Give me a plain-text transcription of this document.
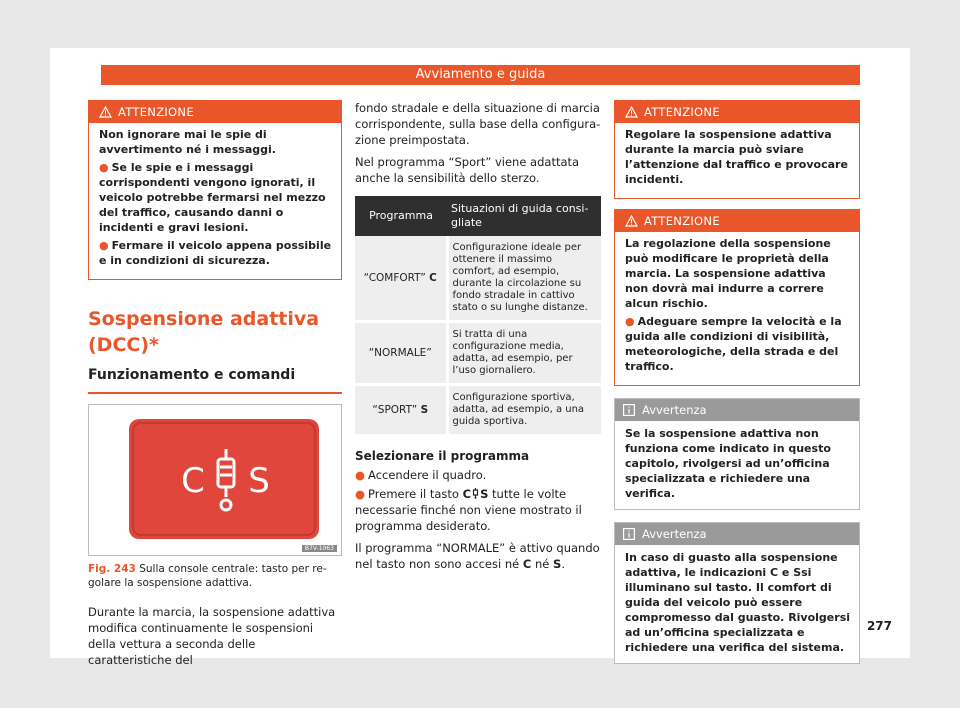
Avviamento e guida
ATTENZIONE

Non ignorare mai le spie di avvertimento né i messaggi.

● Se le spie e i messaggi corrispondenti vengono ignorati, il veicolo potrebbe fermarsi nel mezzo del traffico, causando danni o incidenti e gravi lesioni.

● Fermare il veicolo appena possibile e in condizioni di sicurezza.

Sospensione adattiva (DCC)*
Funzionamento e comandi
C S
B7V-1063
Fig. 243 Sulla console centrale: tasto per regolare la sospensione adattiva.

Durante la marcia, la sospensione adattiva modifica continuamente le sospensioni della vettura a seconda delle caratteristiche del

fondo stradale e della situazione di marcia corrispondente, sulla base della configurazione preimpostata.

Nel programma “Sport” viene adattata anche la sensibilità dello sterzo.

Programma	Situazioni di guida consigliate
“COMFORT” C	Configurazione ideale per ottenere il massimo comfort, ad esempio, durante la circolazione su fondo stradale in cattivo stato o su lunghe distanze.
“NORMALE”	Si tratta di una configurazione media, adatta, ad esempio, per l’uso giornaliero.
“SPORT” S	Configurazione sportiva, adatta, ad esempio, a una guida sportiva.

Selezionare il programma

● Accendere il quadro.

● Premere il tasto C S tutte le volte necessarie finché non viene mostrato il programma desiderato.

Il programma “NORMALE” è attivo quando nel tasto non sono accesi né C né S.

ATTENZIONE

Regolare la sospensione adattiva durante la marcia può sviare l’attenzione dal traffico e provocare incidenti.

ATTENZIONE

La regolazione della sospensione può modificare le proprietà della marcia. La sospensione adattiva non dovrà mai indurre a correre alcun rischio.

● Adeguare sempre la velocità e la guida alle condizioni di visibilità, meteorologiche, della strada e del traffico.

Avvertenza

Se la sospensione adattiva non funziona come indicato in questo capitolo, rivolgersi ad un’officina specializzata e richiedere una verifica.

Avvertenza

In caso di guasto alla sospensione adattiva, le indicazioni C e Ssi illuminano sul tasto. Il comfort di guida del veicolo può essere compromesso dal guasto. Rivolgersi ad un’officina specializzata e richiedere una verifica del sistema.

277
